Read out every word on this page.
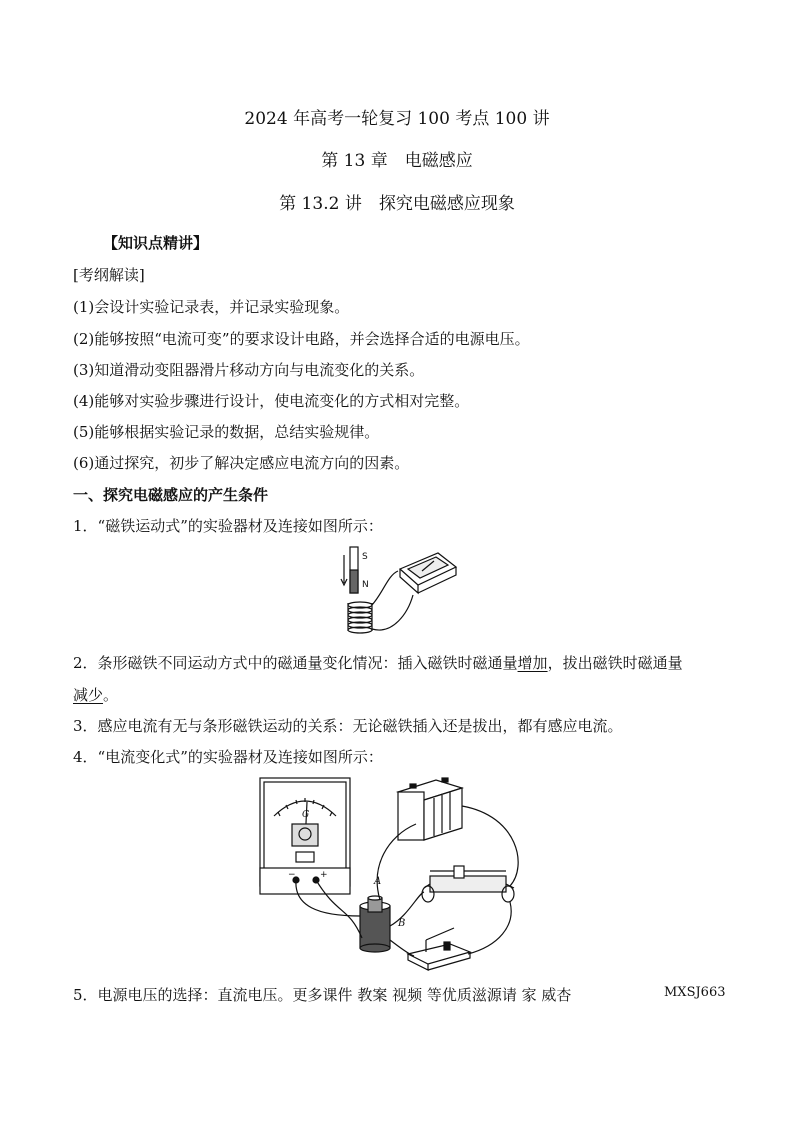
2024 年高考一轮复习 100 考点 100 讲
第 13 章　电磁感应
第 13.2 讲　探究电磁感应现象
【知识点精讲】
[考纲解读]
(1)会设计实验记录表，并记录实验现象。
(2)能够按照“电流可变”的要求设计电路，并会选择合适的电源电压。
(3)知道滑动变阻器滑片移动方向与电流变化的关系。
(4)能够对实验步骤进行设计，使电流变化的方式相对完整。
(5)能够根据实验记录的数据，总结实验规律。
(6)通过探究，初步了解决定感应电流方向的因素。
一、探究电磁感应的产生条件
1．“磁铁运动式”的实验器材及连接如图所示：
S
N
2．条形磁铁不同运动方式中的磁通量变化情况：插入磁铁时磁通量增加，拔出磁铁时磁通量
减少。
3．感应电流有无与条形磁铁运动的关系：无论磁铁插入还是拔出，都有感应电流。
4．“电流变化式”的实验器材及连接如图所示：
G
−	+
A
B
5．电源电压的选择：直流电压。更多课件 教案 视频 等优质滋源请 家 威杏	MXSJ663
